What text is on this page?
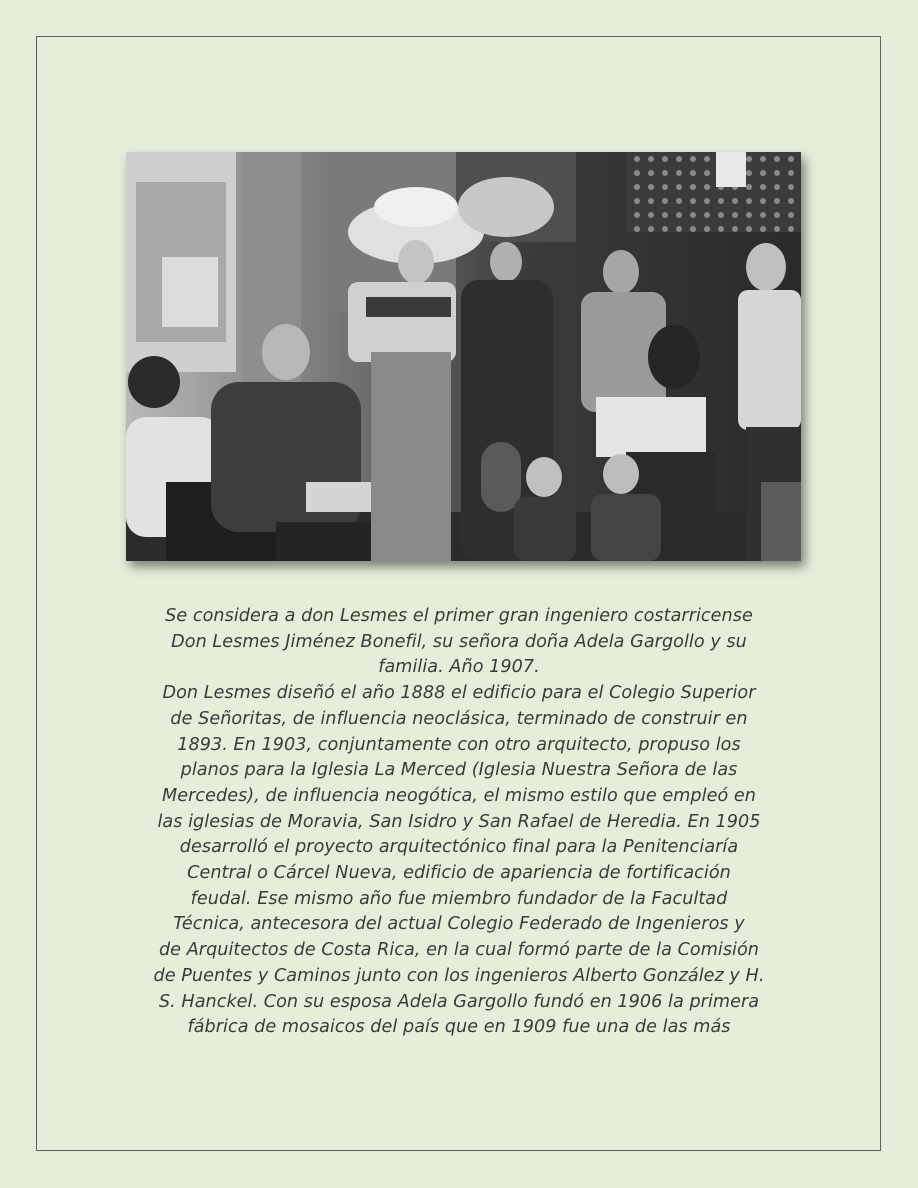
Se considera a don Lesmes el primer gran ingeniero costarricense
Don Lesmes Jiménez Bonefil, su señora doña Adela Gargollo y su
familia. Año 1907.
Don Lesmes diseñó el año 1888 el edificio para el Colegio Superior
de Señoritas, de influencia neoclásica, terminado de construir en
1893. En 1903, conjuntamente con otro arquitecto, propuso los
planos para la Iglesia La Merced (Iglesia Nuestra Señora de las
Mercedes), de influencia neogótica, el mismo estilo que empleó en
las iglesias de Moravia, San Isidro y San Rafael de Heredia. En 1905
desarrolló el proyecto arquitectónico final para la Penitenciaría
Central o Cárcel Nueva, edificio de apariencia de fortificación
feudal. Ese mismo año fue miembro fundador de la Facultad
Técnica, antecesora del actual Colegio Federado de Ingenieros y
de Arquitectos de Costa Rica, en la cual formó parte de la Comisión
de Puentes y Caminos junto con los ingenieros Alberto González y H.
S. Hanckel. Con su esposa Adela Gargollo fundó en 1906 la primera
fábrica de mosaicos del país que en 1909 fue una de las más
